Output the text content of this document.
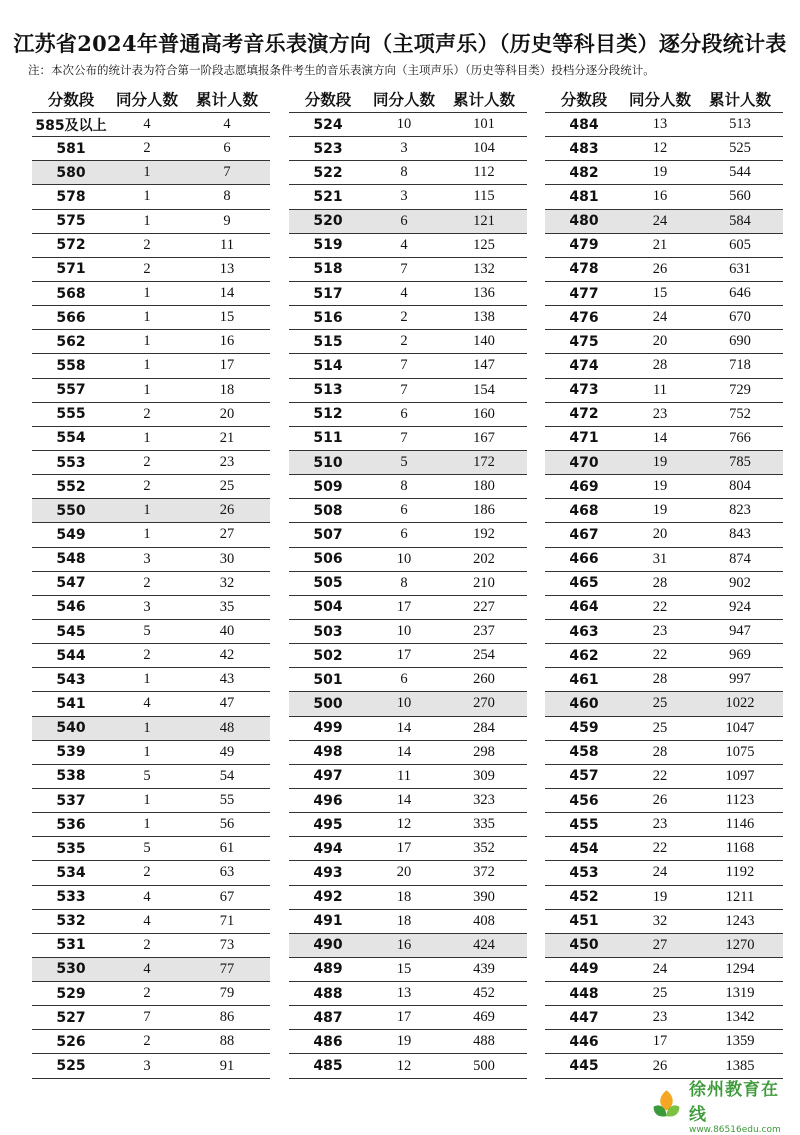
江苏省2024年普通高考音乐表演方向（主项声乐）（历史等科目类）逐分段统计表
注：本次公布的统计表为符合第一阶段志愿填报条件考生的音乐表演方向（主项声乐）（历史等科目类）投档分逐分段统计。
分数段	同分人数	累计人数
585及以上	4	4
581	2	6
580	1	7
578	1	8
575	1	9
572	2	11
571	2	13
568	1	14
566	1	15
562	1	16
558	1	17
557	1	18
555	2	20
554	1	21
553	2	23
552	2	25
550	1	26
549	1	27
548	3	30
547	2	32
546	3	35
545	5	40
544	2	42
543	1	43
541	4	47
540	1	48
539	1	49
538	5	54
537	1	55
536	1	56
535	5	61
534	2	63
533	4	67
532	4	71
531	2	73
530	4	77
529	2	79
527	7	86
526	2	88
525	3	91
分数段	同分人数	累计人数
524	10	101
523	3	104
522	8	112
521	3	115
520	6	121
519	4	125
518	7	132
517	4	136
516	2	138
515	2	140
514	7	147
513	7	154
512	6	160
511	7	167
510	5	172
509	8	180
508	6	186
507	6	192
506	10	202
505	8	210
504	17	227
503	10	237
502	17	254
501	6	260
500	10	270
499	14	284
498	14	298
497	11	309
496	14	323
495	12	335
494	17	352
493	20	372
492	18	390
491	18	408
490	16	424
489	15	439
488	13	452
487	17	469
486	19	488
485	12	500
分数段	同分人数	累计人数
484	13	513
483	12	525
482	19	544
481	16	560
480	24	584
479	21	605
478	26	631
477	15	646
476	24	670
475	20	690
474	28	718
473	11	729
472	23	752
471	14	766
470	19	785
469	19	804
468	19	823
467	20	843
466	31	874
465	28	902
464	22	924
463	23	947
462	22	969
461	28	997
460	25	1022
459	25	1047
458	28	1075
457	22	1097
456	26	1123
455	23	1146
454	22	1168
453	24	1192
452	19	1211
451	32	1243
450	27	1270
449	24	1294
448	25	1319
447	23	1342
446	17	1359
445	26	1385
徐州教育在线
www.86516edu.com
